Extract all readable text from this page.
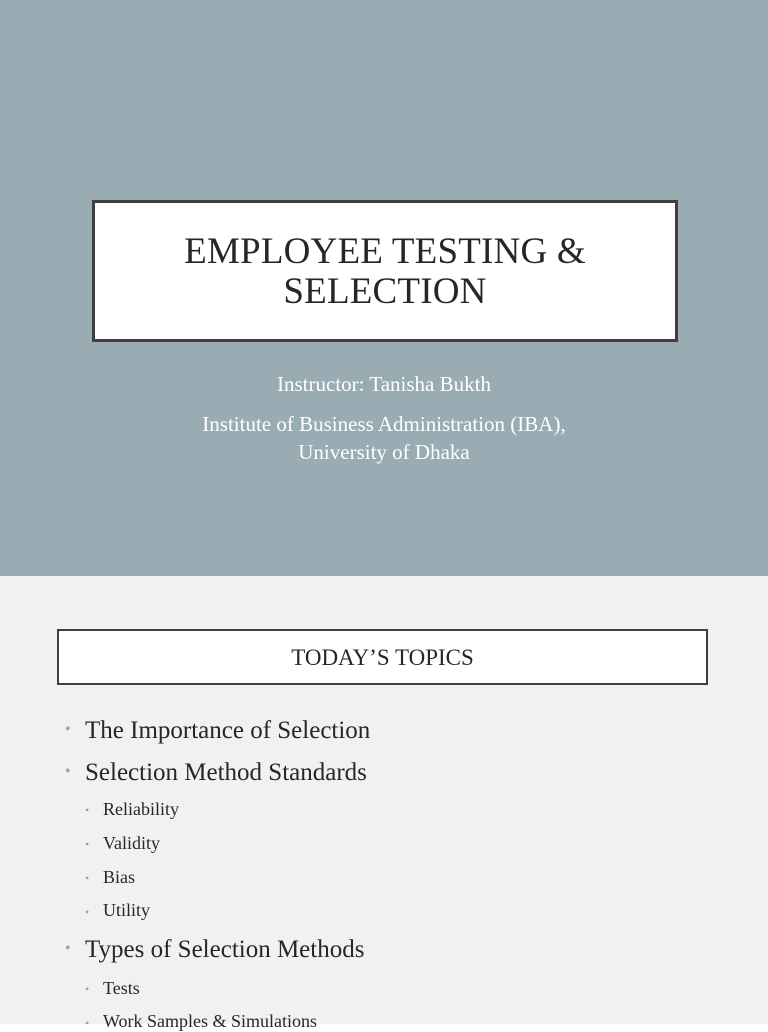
EMPLOYEE TESTING &
SELECTION
Instructor: Tanisha Bukth
Institute of Business Administration (IBA),
University of Dhaka
TODAY’S TOPICS
• The Importance of Selection
• Selection Method Standards
• Reliability
• Validity
• Bias
• Utility
• Types of Selection Methods
• Tests
• Work Samples & Simulations
